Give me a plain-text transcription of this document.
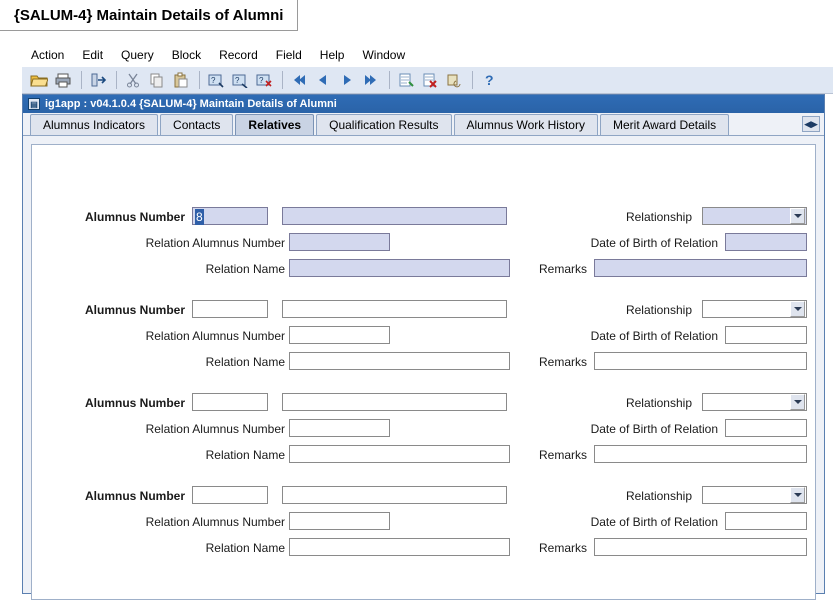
{SALUM-4} Maintain Details of Alumni
Action	Edit	Query	Block	Record	Field	Help	Window
? ? ?	?
▤ ig1app : v04.1.0.4 {SALUM-4} Maintain Details of Alumni
Alumnus Indicators	Contacts	Relatives	Qualification Results	Alumnus Work History	Merit Award Details	◀▶
Alumnus Number 8	Relationship
Relation Alumnus Number	Date of Birth of Relation
Relation Name	Remarks
Alumnus Number	Relationship
Relation Alumnus Number	Date of Birth of Relation
Relation Name	Remarks
Alumnus Number	Relationship
Relation Alumnus Number	Date of Birth of Relation
Relation Name	Remarks
Alumnus Number	Relationship
Relation Alumnus Number	Date of Birth of Relation
Relation Name	Remarks
